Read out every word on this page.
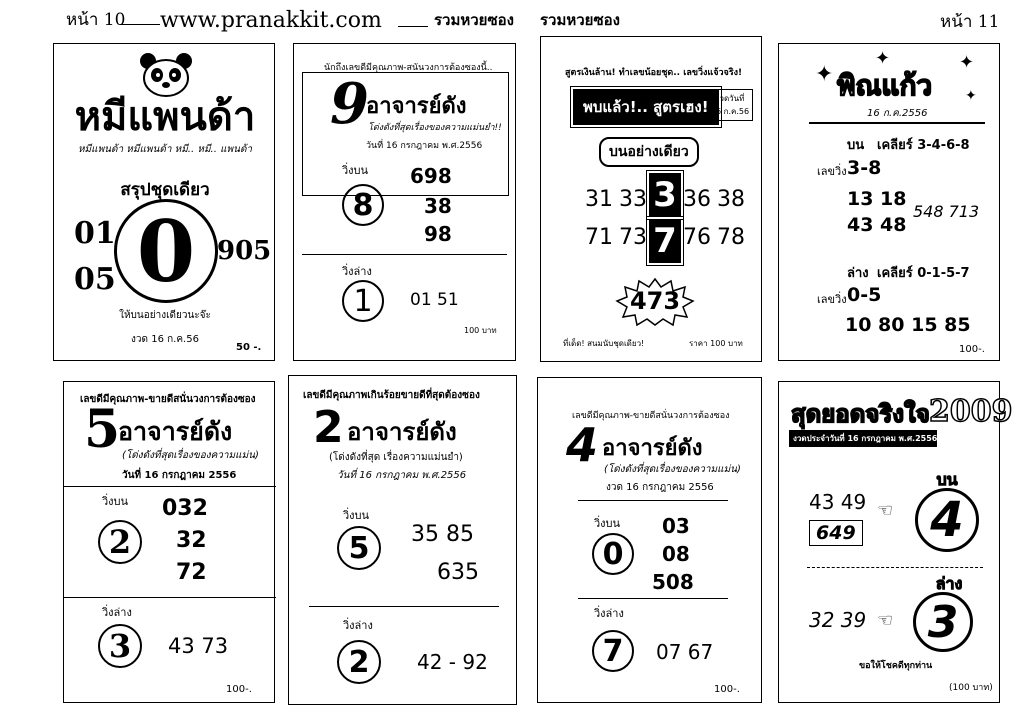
หน้า 10 www.pranakkit.com	รวมหวยซอง รวมหวยซอง	หน้า 11
หมีแพนด้า
หมีแพนด้า หมีแพนด้า หมี.. หมี.. แพนด้า
สรุปชุดเดียว
0
01
05
905
ให้บนอย่างเดียวนะจ๊ะ
งวด 16 ก.ค.56
50 -.
นักถึงเลขดีมีคุณภาพ-สนันวงการต้องซองนี้..
9
อาจารย์ดัง
โด่งดังที่สุดเรื่องของความแม่นยำ!!
วันที่ 16 กรกฎาคม พ.ศ.2556
วิ่งบน
8
698
38
98
วิ่งล่าง
1	01 51
100 บาท
สูตรเงินล้าน! ทำเลขน้อยชุด.. เลขวิ่งแจ้วจริง!
พบแล้ว!.. สูตรเฮง! งวดวันที่ 16 ก.ค.56
บนอย่างเดียว
31 33 3 36 38
71 73 7 76 78
473
ที่เด็ด! สนมนับชุดเดียว!	ราคา 100 บาท
✦
✦	✦
✦
พิณแก้ว
16 ก.ค.2556
บน เคลียร์ 3-4-6-8
เลขวิ่ง 3-8
13 18
43 48
548 713
ล่าง เคลียร์ 0-1-5-7
เลขวิ่ง 0-5
10 80 15 85
100-.
เลขดีมีคุณภาพ-ขายดีสนั่นวงการต้องซอง
5
อาจารย์ดัง
(โด่งดังที่สุดเรื่องของความแม่น)
วันที่ 16 กรกฎาคม 2556
วิ่งบน
2
032
32
72
วิ่งล่าง
3	43 73
100-.
เลขดีมีคุณภาพเกินร้อยขายดีที่สุดต้องซอง
2 อาจารย์ดัง
(โด่งดังที่สุด เรื่องความแม่นยำ)
วันที่ 16 กรกฎาคม พ.ศ.2556
วิ่งบน
5	35 85
635
วิ่งล่าง
2	42 - 92
เลขดีมีคุณภาพ-ขายดีสนั่นวงการต้องซอง
4 อาจารย์ดัง
(โด่งดังที่สุดเรื่องของความแม่น)
งวด 16 กรกฎาคม 2556
วิ่งบน
0
03
08
508
วิ่งล่าง
7	07 67
100-.
สุดยอดจริงใจ 2009
งวดประจำวันที่ 16 กรกฎาคม พ.ศ.2556
บน
4
43 49
649
☜
ล่าง
3
32 39 ☜
ขอให้โชคดีทุกท่าน
(100 บาท)
